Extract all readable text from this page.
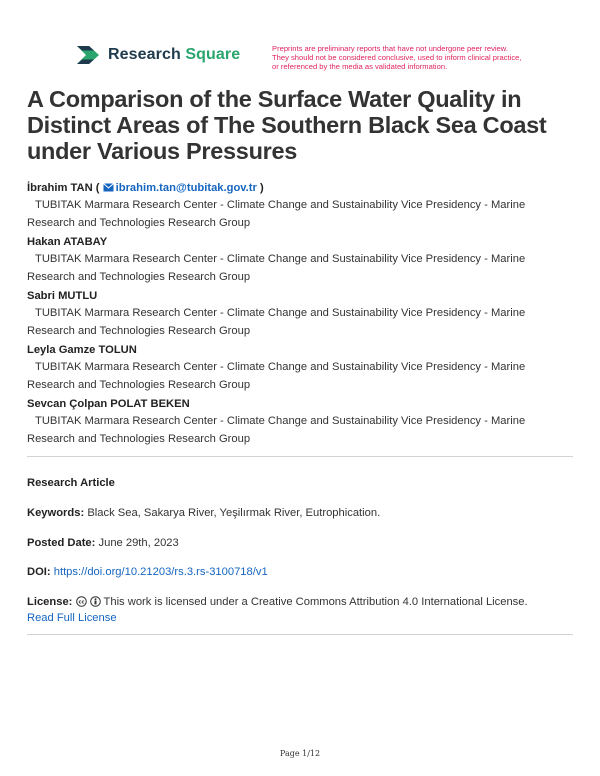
Research Square	Preprints are preliminary reports that have not undergone peer review.
They should not be considered conclusive, used to inform clinical practice,
or referenced by the media as validated information.
A Comparison of the Surface Water Quality in Distinct Areas of The Southern Black Sea Coast under Various Pressures
İbrahim TAN ( ibrahim.tan@tubitak.gov.tr )
TUBITAK Marmara Research Center - Climate Change and Sustainability Vice Presidency - Marine Research and Technologies Research Group
Hakan ATABAY
TUBITAK Marmara Research Center - Climate Change and Sustainability Vice Presidency - Marine Research and Technologies Research Group
Sabri MUTLU
TUBITAK Marmara Research Center - Climate Change and Sustainability Vice Presidency - Marine Research and Technologies Research Group
Leyla Gamze TOLUN
TUBITAK Marmara Research Center - Climate Change and Sustainability Vice Presidency - Marine Research and Technologies Research Group
Sevcan Çolpan POLAT BEKEN
TUBITAK Marmara Research Center - Climate Change and Sustainability Vice Presidency - Marine Research and Technologies Research Group
Research Article
Keywords: Black Sea, Sakarya River, Yeşilırmak River, Eutrophication.
Posted Date: June 29th, 2023
DOI: https://doi.org/10.21203/rs.3.rs-3100718/v1
License: cc This work is licensed under a Creative Commons Attribution 4.0 International License.
Read Full License
Page 1/12
